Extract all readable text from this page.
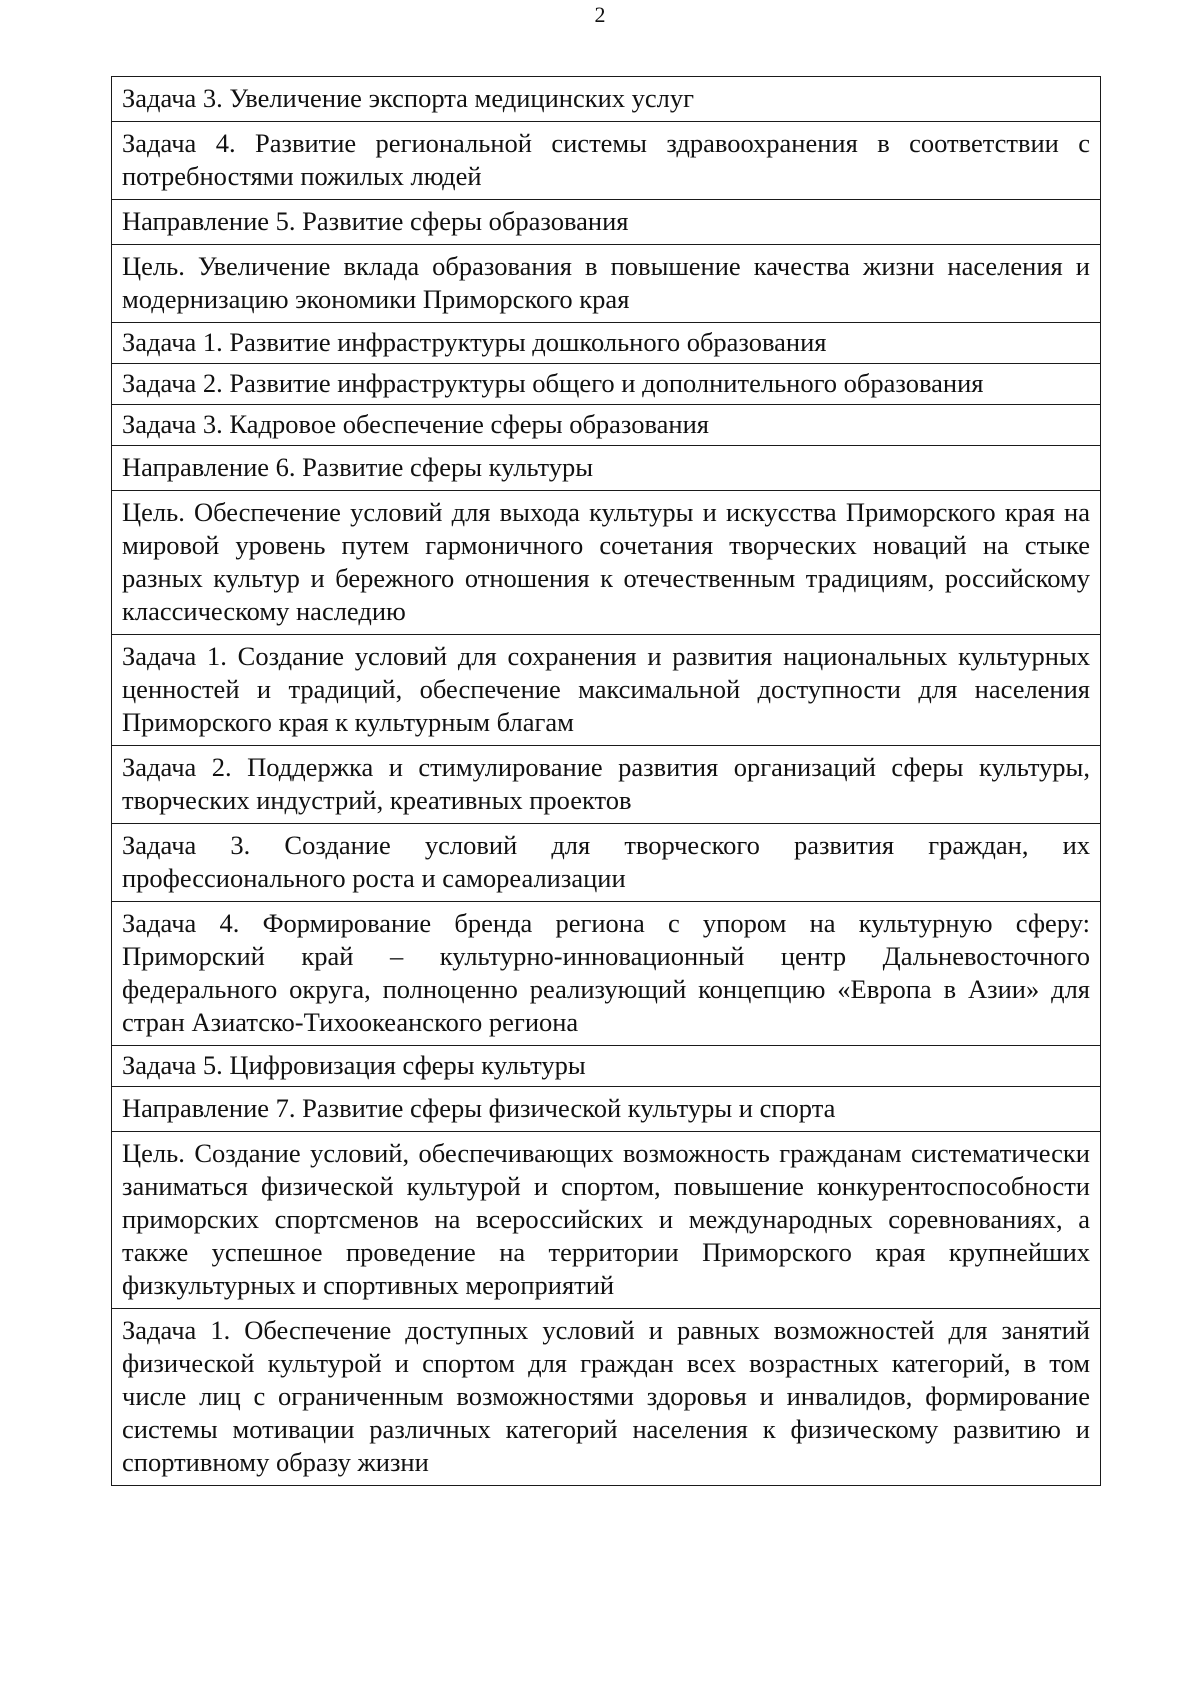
2
Задача 3. Увеличение экспорта медицинских услуг
Задача 4. Развитие региональной системы здравоохранения в соответствии с потребностями пожилых людей
Направление 5. Развитие сферы образования
Цель. Увеличение вклада образования в повышение качества жизни населения и модернизацию экономики Приморского края
Задача 1. Развитие инфраструктуры дошкольного образования
Задача 2. Развитие инфраструктуры общего и дополнительного образования
Задача 3. Кадровое обеспечение сферы образования
Направление 6. Развитие сферы культуры
Цель. Обеспечение условий для выхода культуры и искусства Приморского края на мировой уровень путем гармоничного сочетания творческих новаций на стыке разных культур и бережного отношения к отечественным традициям, российскому классическому наследию
Задача 1. Создание условий для сохранения и развития национальных культурных ценностей и традиций, обеспечение максимальной доступности для населения Приморского края к культурным благам
Задача 2. Поддержка и стимулирование развития организаций сферы культуры, творческих индустрий, креативных проектов
Задача 3. Создание условий для творческого развития граждан, их профессионального роста и самореализации
Задача 4. Формирование бренда региона с упором на культурную сферу: Приморский край – культурно-инновационный центр Дальневосточного федерального округа, полноценно реализующий концепцию «Европа в Азии» для стран Азиатско-Тихоокеанского региона
Задача 5. Цифровизация сферы культуры
Направление 7. Развитие сферы физической культуры и спорта
Цель. Создание условий, обеспечивающих возможность гражданам систематически заниматься физической культурой и спортом, повышение конкурентоспособности приморских спортсменов на всероссийских и международных соревнованиях, а также успешное проведение на территории Приморского края крупнейших физкультурных и спортивных мероприятий
Задача 1. Обеспечение доступных условий и равных возможностей для занятий физической культурой и спортом для граждан всех возрастных категорий, в том числе лиц с ограниченным возможностями здоровья и инвалидов, формирование системы мотивации различных категорий населения к физическому развитию и спортивному образу жизни
